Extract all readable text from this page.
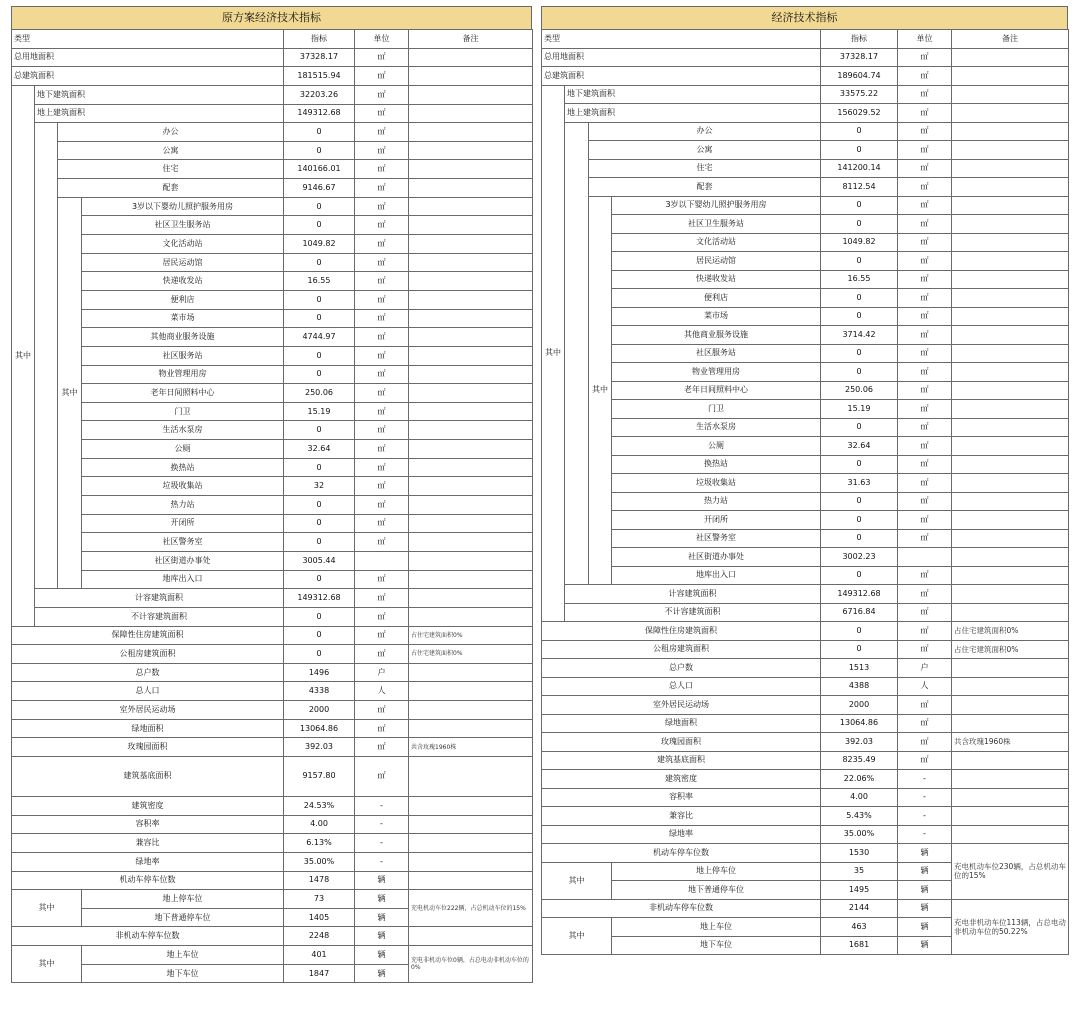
原方案经济技术指标
类型				指标	单位	备注
总用地面积				37328.17	㎡	
总建筑面积				181515.94	㎡	
其中	地下建筑面积			32203.26	㎡	
	地上建筑面积			149312.68	㎡	
		办公		0	㎡	
		公寓		0	㎡	
		住宅		140166.01	㎡	
		配套		9146.67	㎡	
		其中	3岁以下婴幼儿照护服务用房	0	㎡	
			社区卫生服务站	0	㎡	
			文化活动站	1049.82	㎡	
			居民运动馆	0	㎡	
			快递收发站	16.55	㎡	
			便利店	0	㎡	
			菜市场	0	㎡	
			其他商业服务设施	4744.97	㎡	
			社区服务站	0	㎡	
			物业管理用房	0	㎡	
			老年日间照料中心	250.06	㎡	
			门卫	15.19	㎡	
			生活水泵房	0	㎡	
			公厕	32.64	㎡	
			换热站	0	㎡	
			垃圾收集站	32	㎡	
			热力站	0	㎡	
			开闭所	0	㎡	
			社区警务室	0	㎡	
			社区街道办事处	3005.44		
			地库出入口	0	㎡	
	计容建筑面积			149312.68	㎡	
	不计容建筑面积			0	㎡	
保障性住房建筑面积				0	㎡	占住宅建筑面积0%
公租房建筑面积				0	㎡	占住宅建筑面积0%
总户数				1496	户	
总人口				4338	人	
室外居民运动场				2000	㎡	
绿地面积				13064.86	㎡	
玫瑰园面积				392.03	㎡	共含玫瑰1960株
建筑基底面积				9157.80	㎡	
建筑密度				24.53%	-	
容积率				4.00	-	
兼容比				6.13%	-	
绿地率				35.00%	-	
机动车停车位数				1478	辆	
其中			地上停车位	73	辆	充电机动车位222辆，占总机动车位的15%
			地下普通停车位	1405	辆	
非机动车停车位数				2248	辆	
其中			地上车位	401	辆	充电非机动车位0辆，占总电动非机动车位的0%
			地下车位	1847	辆	
经济技术指标
类型				指标	单位	备注
总用地面积				37328.17	㎡	
总建筑面积				189604.74	㎡	
其中	地下建筑面积			33575.22	㎡	
	地上建筑面积			156029.52	㎡	
		办公		0	㎡	
		公寓		0	㎡	
		住宅		141200.14	㎡	
		配套		8112.54	㎡	
		其中	3岁以下婴幼儿照护服务用房	0	㎡	
			社区卫生服务站	0	㎡	
			文化活动站	1049.82	㎡	
			居民运动馆	0	㎡	
			快递收发站	16.55	㎡	
			便利店	0	㎡	
			菜市场	0	㎡	
			其他商业服务设施	3714.42	㎡	
			社区服务站	0	㎡	
			物业管理用房	0	㎡	
			老年日间照料中心	250.06	㎡	
			门卫	15.19	㎡	
			生活水泵房	0	㎡	
			公厕	32.64	㎡	
			换热站	0	㎡	
			垃圾收集站	31.63	㎡	
			热力站	0	㎡	
			开闭所	0	㎡	
			社区警务室	0	㎡	
			社区街道办事处	3002.23		
			地库出入口	0	㎡	
	计容建筑面积			149312.68	㎡	
	不计容建筑面积			6716.84	㎡	
保障性住房建筑面积				0	㎡	占住宅建筑面积0%
公租房建筑面积				0	㎡	占住宅建筑面积0%
总户数				1513	户	
总人口				4388	人	
室外居民运动场				2000	㎡	
绿地面积				13064.86	㎡	
玫瑰园面积				392.03	㎡	共含玫瑰1960株
建筑基底面积				8235.49	㎡	
建筑密度				22.06%	-	
容积率				4.00	-	
兼容比				5.43%	-	
绿地率				35.00%	-	
机动车停车位数				1530	辆	充电机动车位230辆，占总机动车位的15%
其中			地上停车位	35	辆	
			地下普通停车位	1495	辆	
非机动车停车位数				2144	辆	充电非机动车位113辆，占总电动非机动车位的50.22%
其中			地上车位	463	辆	
			地下车位	1681	辆	
